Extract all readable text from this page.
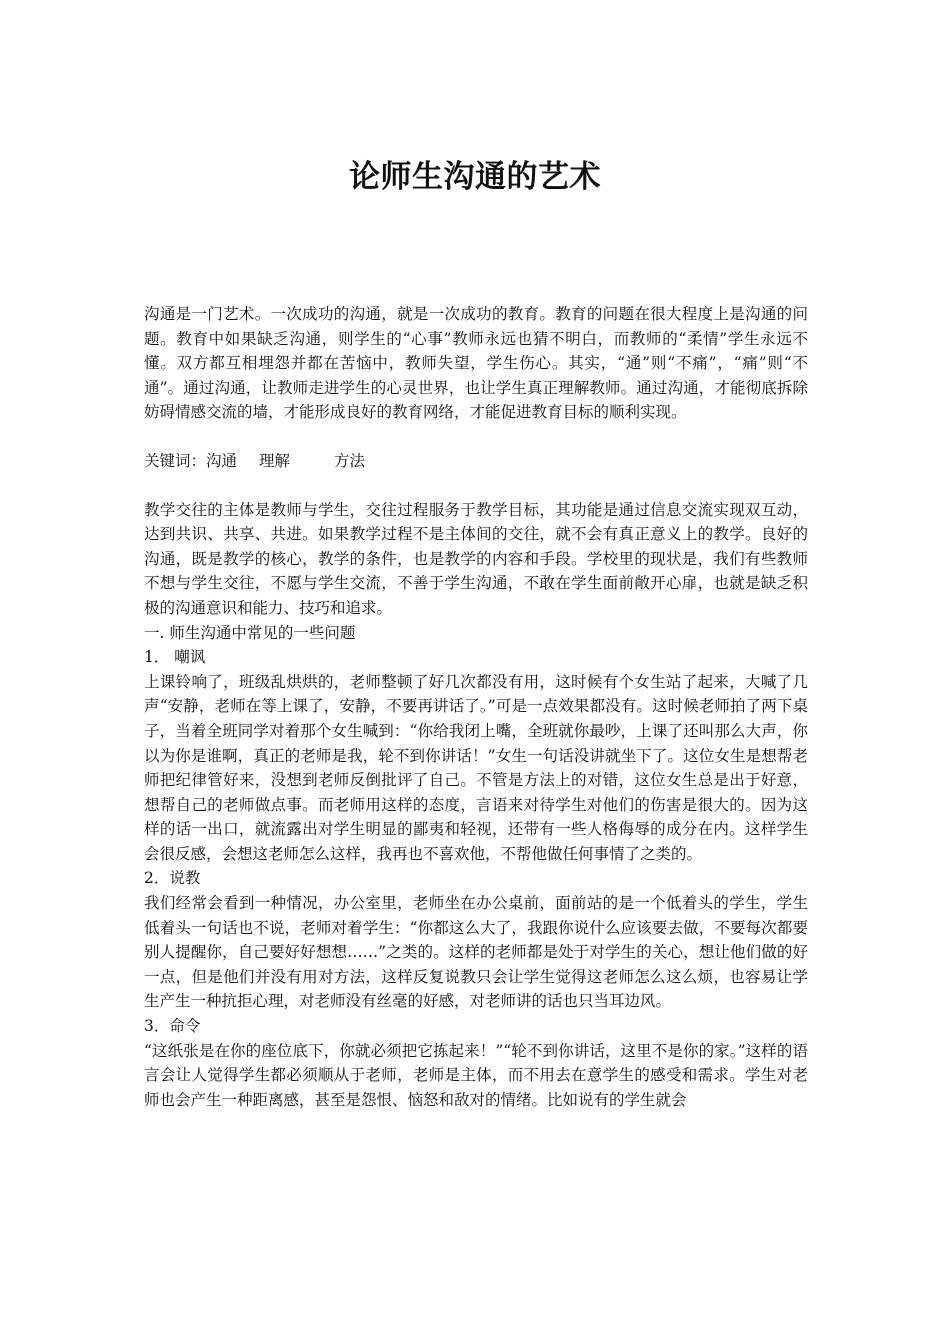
论师生沟通的艺术

沟通是一门艺术。一次成功的沟通，就是一次成功的教育。教育的问题在很大程度上是沟通的问题。教育中如果缺乏沟通，则学生的“心事”教师永远也猜不明白，而教师的“柔情”学生永远不懂。双方都互相埋怨并都在苦恼中，教师失望，学生伤心。其实，“通”则“不痛”，“痛”则“不通”。通过沟通，让教师走进学生的心灵世界，也让学生真正理解教师。通过沟通，才能彻底拆除妨碍情感交流的墙，才能形成良好的教育网络，才能促进教育目标的顺利实现。

关键词：沟通 理解	方法

教学交往的主体是教师与学生，交往过程服务于教学目标，其功能是通过信息交流实现双互动，达到共识、共享、共进。如果教学过程不是主体间的交往，就不会有真正意义上的教学。良好的沟通，既是教学的核心，教学的条件，也是教学的内容和手段。学校里的现状是，我们有些教师不想与学生交往，不愿与学生交流，不善于学生沟通，不敢在学生面前敞开心扉，也就是缺乏积极的沟通意识和能力、技巧和追求。

一. 师生沟通中常见的一些问题

1． 嘲讽

上课铃响了，班级乱烘烘的，老师整顿了好几次都没有用，这时候有个女生站了起来，大喊了几声“安静，老师在等上课了，安静，不要再讲话了。”可是一点效果都没有。这时候老师拍了两下桌子，当着全班同学对着那个女生喊到：“你给我闭上嘴，全班就你最吵，上课了还叫那么大声，你以为你是谁啊，真正的老师是我，轮不到你讲话！”女生一句话没讲就坐下了。这位女生是想帮老师把纪律管好来，没想到老师反倒批评了自己。不管是方法上的对错，这位女生总是出于好意，想帮自己的老师做点事。而老师用这样的态度，言语来对待学生对他们的伤害是很大的。因为这样的话一出口，就流露出对学生明显的鄙夷和轻视，还带有一些人格侮辱的成分在内。这样学生会很反感，会想这老师怎么这样，我再也不喜欢他，不帮他做任何事情了之类的。

2．说教

我们经常会看到一种情况，办公室里，老师坐在办公桌前，面前站的是一个低着头的学生，学生低着头一句话也不说，老师对着学生：“你都这么大了，我跟你说什么应该要去做，不要每次都要别人提醒你，自己要好好想想……”之类的。这样的老师都是处于对学生的关心，想让他们做的好一点，但是他们并没有用对方法，这样反复说教只会让学生觉得这老师怎么这么烦，也容易让学生产生一种抗拒心理，对老师没有丝毫的好感，对老师讲的话也只当耳边风。

3．命令

“这纸张是在你的座位底下，你就必须把它拣起来！”“轮不到你讲话，这里不是你的家。”这样的语言会让人觉得学生都必须顺从于老师，老师是主体，而不用去在意学生的感受和需求。学生对老师也会产生一种距离感，甚至是怨恨、恼怒和敌对的情绪。比如说有的学生就会
